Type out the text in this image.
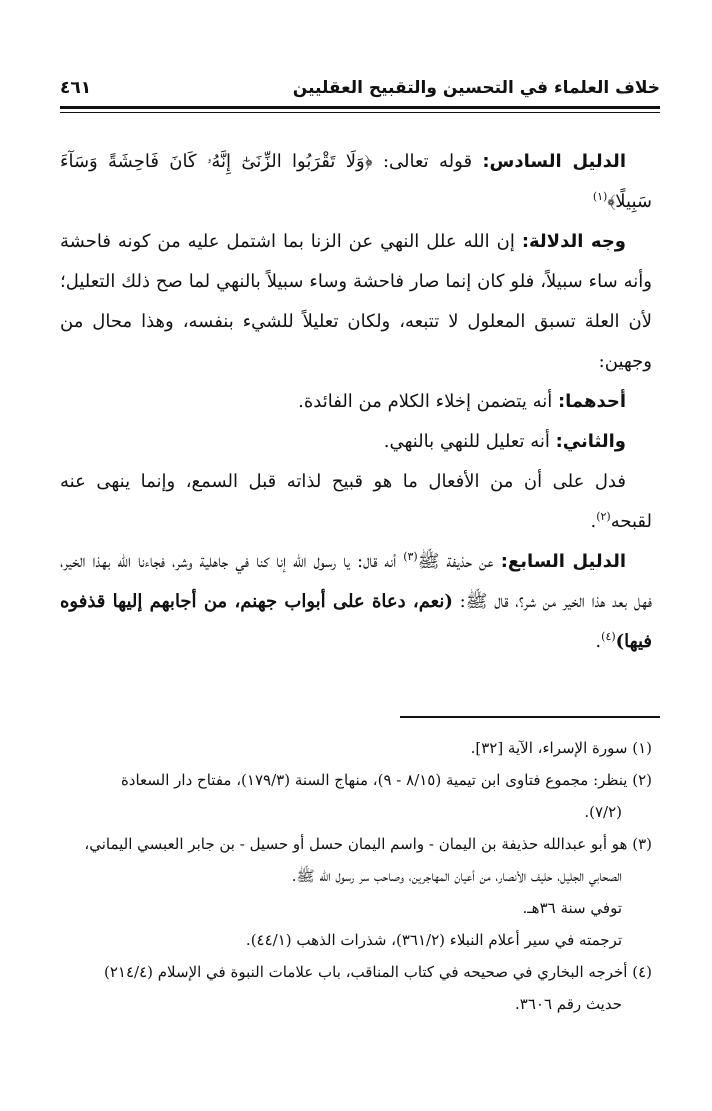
خلاف العلماء في التحسين والتقبيح العقليين
٤٦١

الدليل السادس: قوله تعالى: ﴿وَلَا تَقْرَبُوا الزِّنَىٰٓ إِنَّهُۥ كَانَ فَاحِشَةً وَسَآءَ سَبِيلًا﴾$^{(١)}$

وجه الدلالة: إن الله علل النهي عن الزنا بما اشتمل عليه من كونه فاحشة وأنه ساء سبيلاً، فلو كان إنما صار فاحشة وساء سبيلاً بالنهي لما صح ذلك التعليل؛ لأن العلة تسبق المعلول لا تتبعه، ولكان تعليلاً للشيء بنفسه، وهذا محال من وجهين:

أحدهما: أنه يتضمن إخلاء الكلام من الفائدة.

والثاني: أنه تعليل للنهي بالنهي.

فدل على أن من الأفعال ما هو قبيح لذاته قبل السمع، وإنما ينهى عنه لقبحه$^{(٢)}$.

الدليل السابع: عن حذيفة ﷺ$^{(٣)}$ أنه قال: يا رسول الله إنا كنا في جاهلية وشر، فجاءنا الله بهذا الخير، فهل بعد هذا الخير من شر؟، قال ﷺ: (نعم، دعاة على أبواب جهنم، من أجابهم إليها قذفوه فيها)$^{(٤)}$.

(١) سورة الإسراء، الآية [٣٢].

(٢) ينظر: مجموع فتاوى ابن تيمية (٨/١٥ - ٩)، منهاج السنة (١٧٩/٣)، مفتاح دار السعادة
(٧/٢).

(٣) هو أبو عبدالله حذيفة بن اليمان - واسم اليمان حسل أو حسيل - بن جابر العبسي اليماني،
الصحابي الجليل، حليف الأنصار، من أعيان المهاجرين، وصاحب سر رسول الله ﷺ.
توفي سنة ٣٦هـ.
ترجمته في سير أعلام النبلاء (٣٦١/٢)، شذرات الذهب (٤٤/١).

(٤) أخرجه البخاري في صحيحه في كتاب المناقب، باب علامات النبوة في الإسلام (٢١٤/٤)
حديث رقم ٣٦٠٦.
